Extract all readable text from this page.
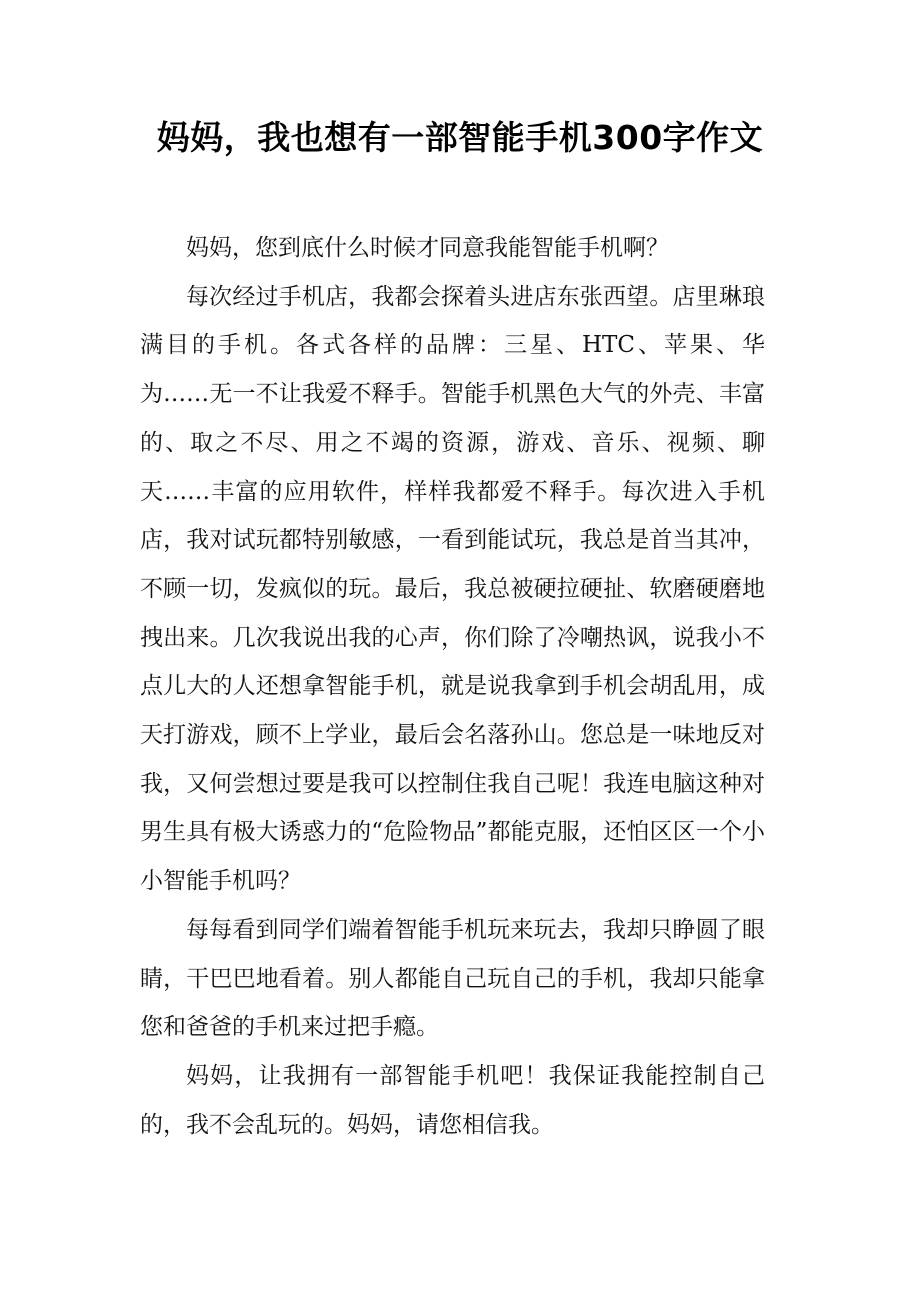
妈妈，我也想有一部智能手机300字作文

妈妈，您到底什么时候才同意我能智能手机啊？

每次经过手机店，我都会探着头进店东张西望。店里琳琅满目的手机。各式各样的品牌：三星、HTC、苹果、华为……无一不让我爱不释手。智能手机黑色大气的外壳、丰富的、取之不尽、用之不竭的资源，游戏、音乐、视频、聊天……丰富的应用软件，样样我都爱不释手。每次进入手机店，我对试玩都特别敏感，一看到能试玩，我总是首当其冲，不顾一切，发疯似的玩。最后，我总被硬拉硬扯、软磨硬磨地拽出来。几次我说出我的心声，你们除了冷嘲热讽，说我小不点儿大的人还想拿智能手机，就是说我拿到手机会胡乱用，成天打游戏，顾不上学业，最后会名落孙山。您总是一味地反对我，又何尝想过要是我可以控制住我自己呢！我连电脑这种对男生具有极大诱惑力的“危险物品”都能克服，还怕区区一个小小智能手机吗？

每每看到同学们端着智能手机玩来玩去，我却只睁圆了眼睛，干巴巴地看着。别人都能自己玩自己的手机，我却只能拿您和爸爸的手机来过把手瘾。

妈妈，让我拥有一部智能手机吧！我保证我能控制自己的，我不会乱玩的。妈妈，请您相信我。
